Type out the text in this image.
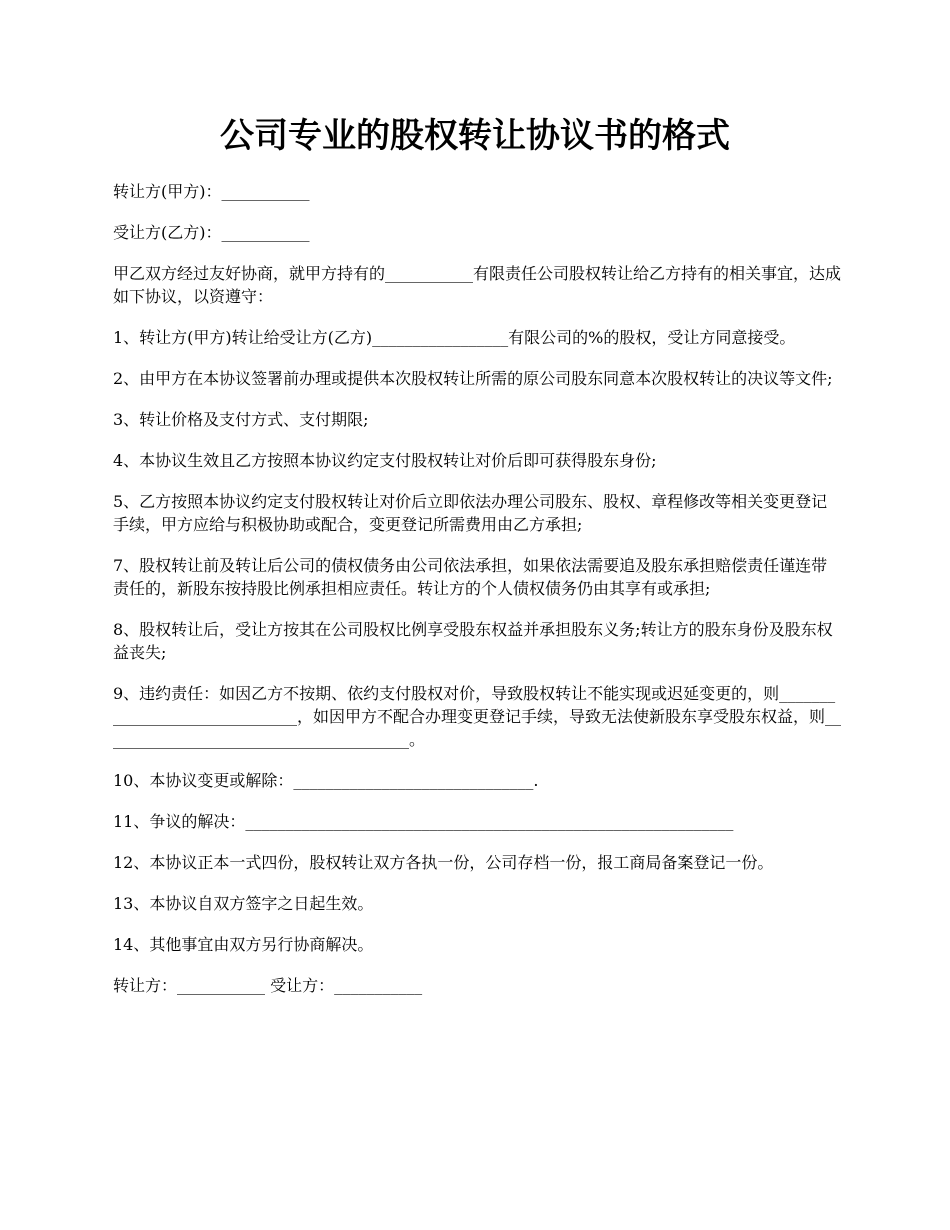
公司专业的股权转让协议书的格式

转让方(甲方)：___________

受让方(乙方)：___________

甲乙双方经过友好协商，就甲方持有的___________有限责任公司股权转让给乙方持有的相关事宜，达成如下协议，以资遵守：

1、转让方(甲方)转让给受让方(乙方)_________________有限公司的%的股权，受让方同意接受。

2、由甲方在本协议签署前办理或提供本次股权转让所需的原公司股东同意本次股权转让的决议等文件;

3、转让价格及支付方式、支付期限;

4、本协议生效且乙方按照本协议约定支付股权转让对价后即可获得股东身份;

5、乙方按照本协议约定支付股权转让对价后立即依法办理公司股东、股权、章程修改等相关变更登记手续，甲方应给与积极协助或配合，变更登记所需费用由乙方承担;

7、股权转让前及转让后公司的债权债务由公司依法承担，如果依法需要追及股东承担赔偿责任谨连带责任的，新股东按持股比例承担相应责任。转让方的个人债权债务仍由其享有或承担;

8、股权转让后，受让方按其在公司股权比例享受股东权益并承担股东义务;转让方的股东身份及股东权益丧失;

9、违约责任：如因乙方不按期、依约支付股权对价，导致股权转让不能实现或迟延变更的，则______________________________，如因甲方不配合办理变更登记手续，导致无法使新股东享受股东权益，则_______________________________________。

10、本协议变更或解除：______________________________.

11、争议的解决：_____________________________________________________________

12、本协议正本一式四份，股权转让双方各执一份，公司存档一份，报工商局备案登记一份。

13、本协议自双方签字之日起生效。

14、其他事宜由双方另行协商解决。

转让方：___________ 受让方：___________
